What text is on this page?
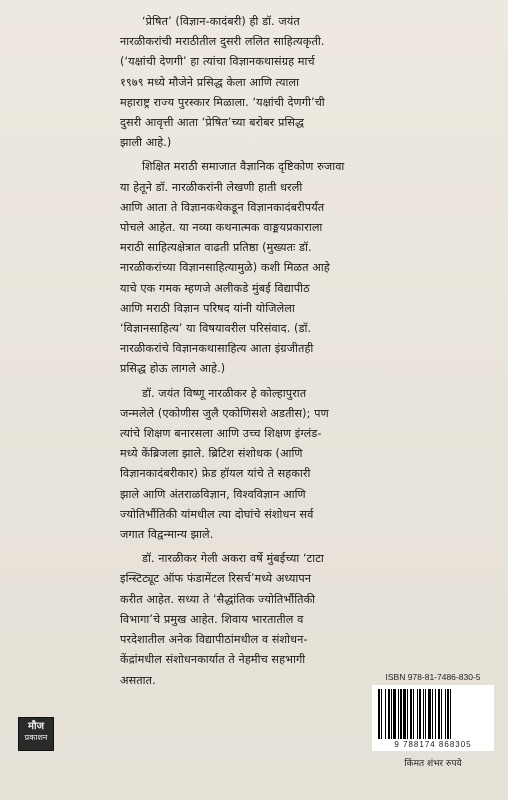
‘प्रेषित’ (विज्ञान-कादंबरी) ही डॉ. जयंत
नारळीकरांची मराठीतील दुसरी ललित साहित्यकृती.
(‘यक्षांची देणगी’ हा त्यांचा विज्ञानकथासंग्रह मार्च
१९७९ मध्ये मौजेने प्रसिद्ध केला आणि त्याला
महाराष्ट्र राज्य पुरस्कार मिळाला. ‘यक्षांची देणगी’ची
दुसरी आवृत्ती आता ‘प्रेषित’च्या बरोबर प्रसिद्ध
झाली आहे.)
शिक्षित मराठी समाजात वैज्ञानिक दृष्टिकोण रुजावा
या हेतूने डॉ. नारळीकरांनी लेखणी हाती धरली
आणि आता ते विज्ञानकथेकडून विज्ञानकादंबरीपर्यंत
पोचले आहेत. या नव्या कथनात्मक वाङ्मयप्रकाराला
मराठी साहित्यक्षेत्रात वाढती प्रतिष्ठा (मुख्यतः डॉ.
नारळीकरांच्या विज्ञानसाहित्यामुळे) कशी मिळत आहे
याचे एक गमक म्हणजे अलीकडे मुंबई विद्यापीठ
आणि मराठी विज्ञान परिषद यांनी योजिलेला
‘विज्ञानसाहित्य’ या विषयावरील परिसंवाद. (डॉ.
नारळीकरांचे विज्ञानकथासाहित्य आता इंग्रजीतही
प्रसिद्ध होऊ लागले आहे.)
डॉ. जयंत विष्णू नारळीकर हे कोल्हापुरात
जन्मलेले (एकोणीस जुलै एकोणिसशे अडतीस); पण
त्यांचे शिक्षण बनारसला आणि उच्च शिक्षण इंग्लंड-
मध्ये केंब्रिजला झाले. ब्रिटिश संशोधक (आणि
विज्ञानकादंबरीकार) फ्रेड हॉयल यांचे ते सहकारी
झाले आणि अंतराळविज्ञान, विश्वविज्ञान आणि
ज्योतिर्भौतिकी यांमधील त्या दोघांचे संशोधन सर्व
जगात विद्वन्मान्य झाले.
डॉ. नारळीकर गेली अकरा वर्षे मुंबईच्या ‘टाटा
इन्स्टिट्यूट ऑफ फंडामेंटल रिसर्च’मध्ये अध्यापन
करीत आहेत. सध्या ते ‘सैद्धांतिक ज्योतिर्भौतिकी
विभागा’चे प्रमुख आहेत. शिवाय भारतातील व
परदेशातील अनेक विद्यापीठांमधील व संशोधन-
केंद्रांमधील संशोधनकार्यात ते नेहमीच सहभागी
असतात.
मौज
प्रकाशन
ISBN 978-81-7486-830-5
9 788174 868305
किंमत शंभर रुपये
